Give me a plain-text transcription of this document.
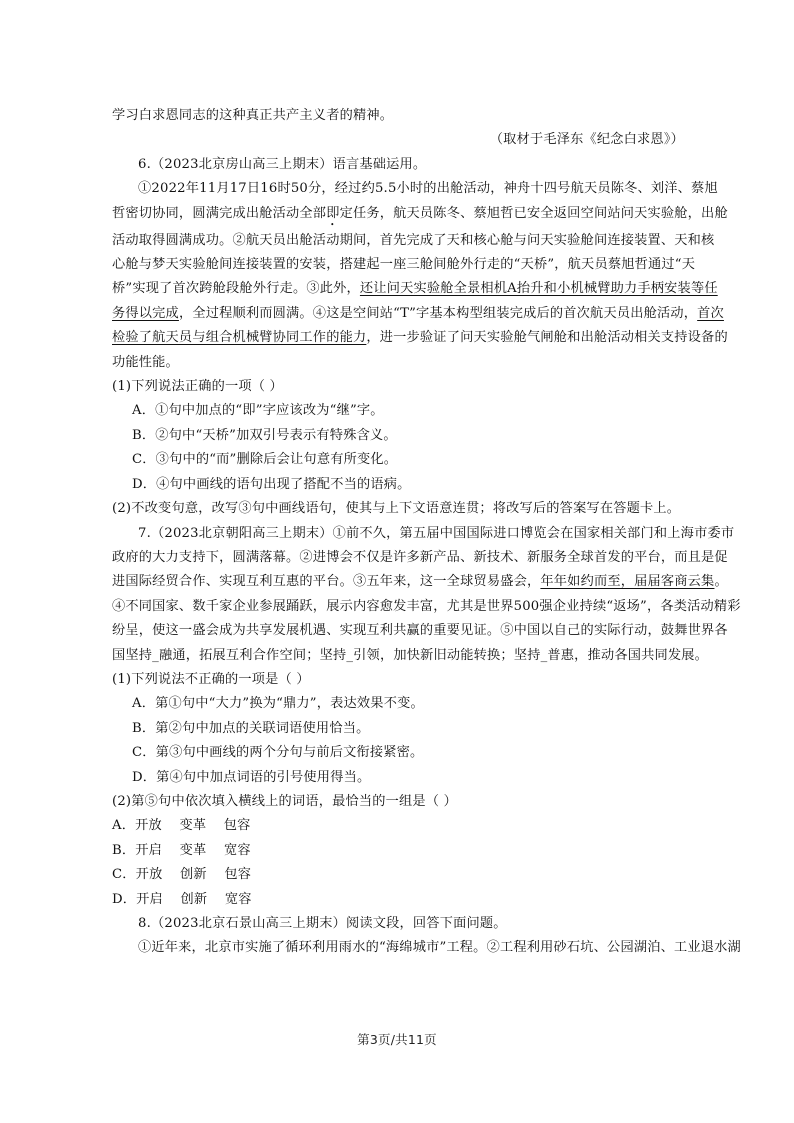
学习白求恩同志的这种真正共产主义者的精神。
（取材于毛泽东《纪念白求恩》）
6.（2023北京房山高三上期末）语言基础运用。
①2022年11月17日16时50分，经过约5.5小时的出舱活动，神舟十四号航天员陈冬、刘洋、蔡旭
哲密切协同，圆满完成出舱活动全部即定任务，航天员陈冬、蔡旭哲已安全返回空间站问天实验舱，出舱
活动取得圆满成功。②航天员出舱活动期间，首先完成了天和核心舱与问天实验舱间连接装置、天和核
心舱与梦天实验舱间连接装置的安装，搭建起一座三舱间舱外行走的“天桥”，航天员蔡旭哲通过“天
桥”实现了首次跨舱段舱外行走。③此外，还让问天实验舱全景相机A抬升和小机械臂助力手柄安装等任
务得以完成，全过程顺利而圆满。④这是空间站“T”字基本构型组装完成后的首次航天员出舱活动，首次
检验了航天员与组合机械臂协同工作的能力，进一步验证了问天实验舱气闸舱和出舱活动相关支持设备的
功能性能。
(1)下列说法正确的一项（ ）
A．①句中加点的“即”字应该改为“继”字。
B．②句中“天桥”加双引号表示有特殊含义。
C．③句中的“而”删除后会让句意有所变化。
D．④句中画线的语句出现了搭配不当的语病。
(2)不改变句意，改写③句中画线语句，使其与上下文语意连贯；将改写后的答案写在答题卡上。
7.（2023北京朝阳高三上期末）①前不久，第五届中国国际进口博览会在国家相关部门和上海市委市
政府的大力支持下，圆满落幕。②进博会不仅是许多新产品、新技术、新服务全球首发的平台，而且是促
进国际经贸合作、实现互利互惠的平台。③五年来，这一全球贸易盛会，年年如约而至，届届客商云集。
④不同国家、数千家企业参展踊跃，展示内容愈发丰富，尤其是世界500强企业持续“返场”，各类活动精彩
纷呈，使这一盛会成为共享发展机遇、实现互利共赢的重要见证。⑤中国以自己的实际行动，鼓舞世界各
国坚持_融通，拓展互利合作空间；坚持_引领，加快新旧动能转换；坚持_普惠，推动各国共同发展。
(1)下列说法不正确的一项是（ ）
A．第①句中“大力”换为“鼎力”，表达效果不变。
B．第②句中加点的关联词语使用恰当。
C．第③句中画线的两个分句与前后文衔接紧密。
D．第④句中加点词语的引号使用得当。
(2)第⑤句中依次填入横线上的词语，最恰当的一组是（ ）
A．开放    变革    包容
B．开启    变革    宽容
C．开放    创新    包容
D．开启    创新    宽容
8.（2023北京石景山高三上期末）阅读文段，回答下面问题。
①近年来，北京市实施了循环利用雨水的“海绵城市”工程。②工程利用砂石坑、公园湖泊、工业退水湖
第3页/共11页
